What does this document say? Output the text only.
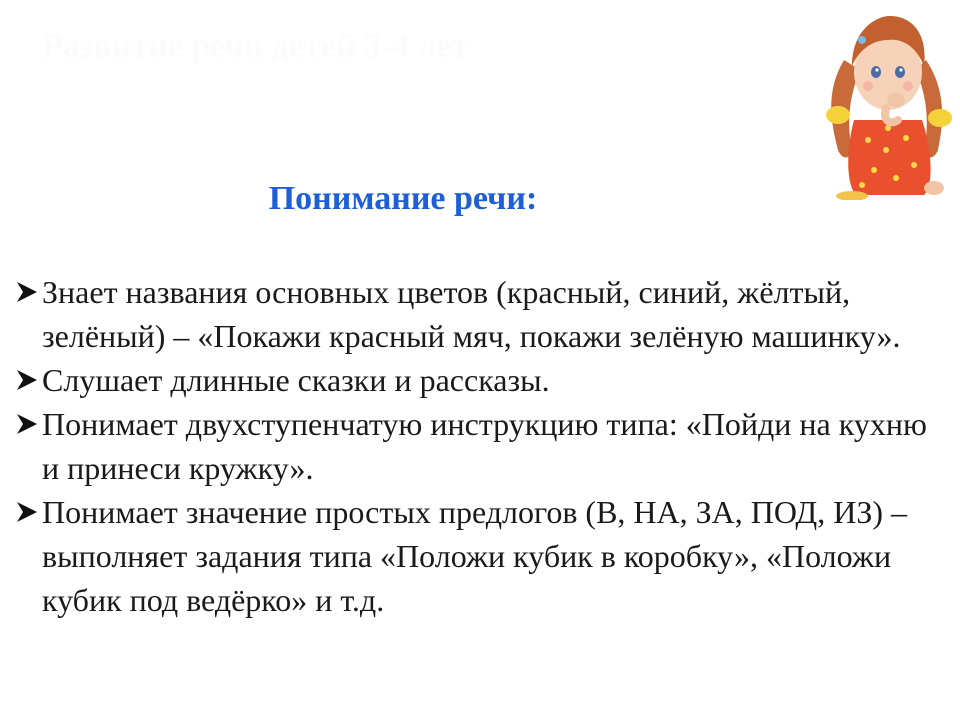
Развитие речи детей 3-4 лет
Понимание речи:
Знает названия основных цветов (красный, синий, жёлтый, зелёный) – «Покажи красный мяч, покажи зелёную машинку».
Слушает длинные сказки и рассказы.
Понимает двухступенчатую инструкцию типа: «Пойди на кухню и принеси кружку».
Понимает значение простых предлогов (В, НА, ЗА, ПОД, ИЗ) – выполняет задания типа «Положи кубик в коробку», «Положи кубик под ведёрко» и т.д.
